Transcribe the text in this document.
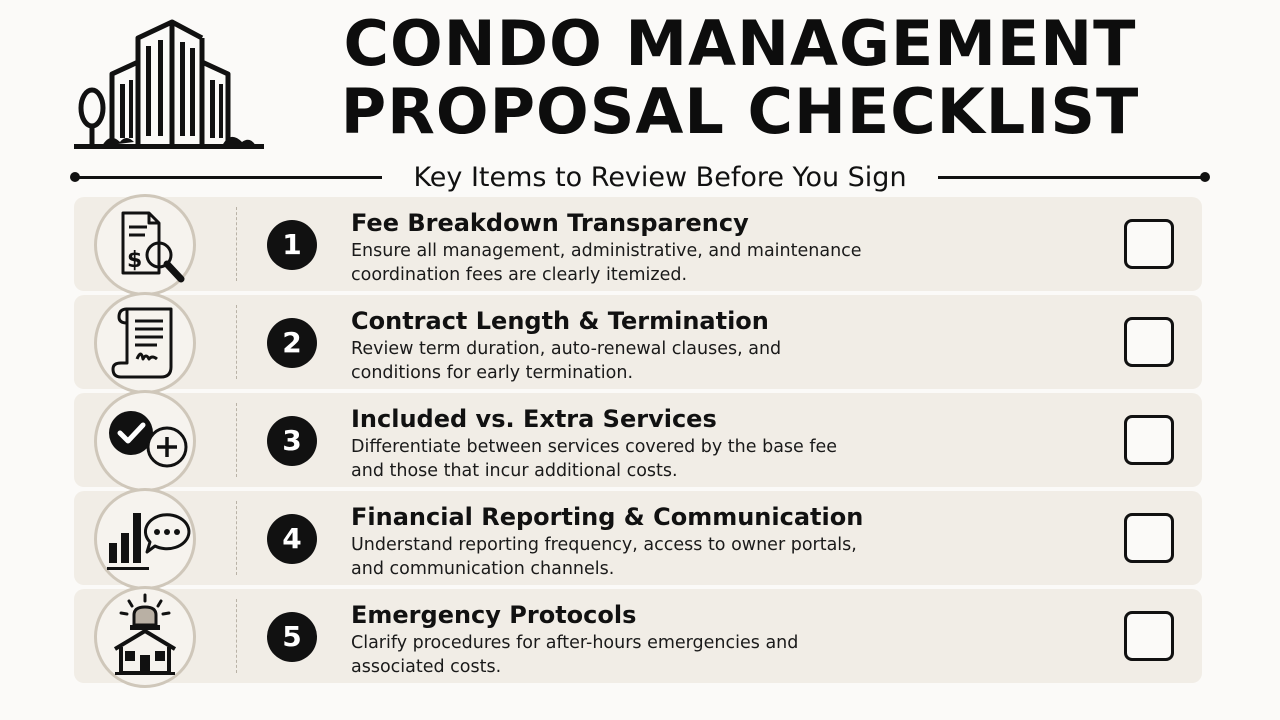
CONDO MANAGEMENT
PROPOSAL CHECKLIST
Key Items to Review Before You Sign
$	1
Fee Breakdown Transparency
Ensure all management, administrative, and maintenance coordination fees are clearly itemized.
2
Contract Length & Termination
Review term duration, auto-renewal clauses, and conditions for early termination.
3
Included vs. Extra Services
Differentiate between services covered by the base fee and those that incur additional costs.
4
Financial Reporting & Communication
Understand reporting frequency, access to owner portals, and communication channels.
5
Emergency Protocols
Clarify procedures for after-hours emergencies and associated costs.
